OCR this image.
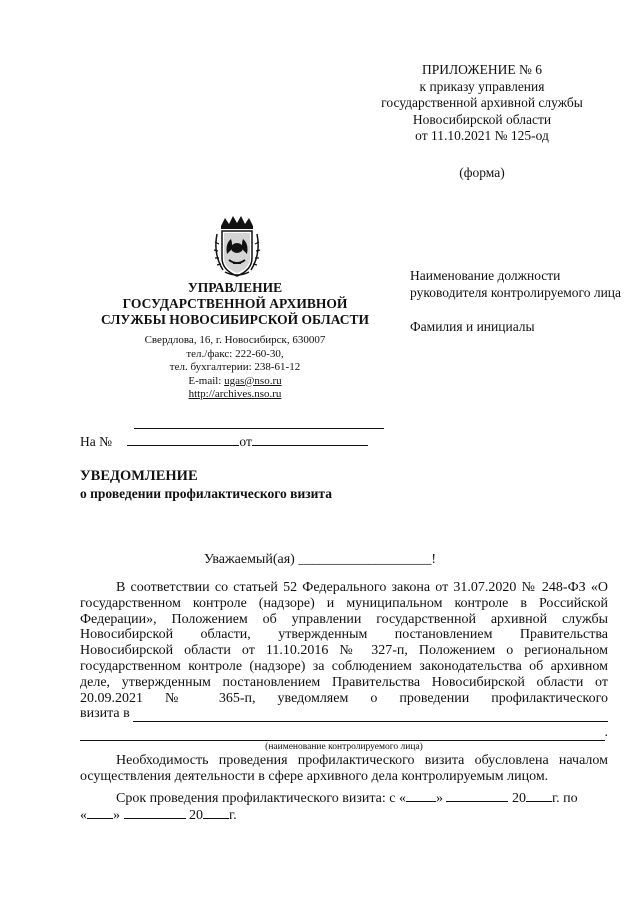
ПРИЛОЖЕНИЕ № 6
к приказу управления
государственной архивной службы
Новосибирской области
от 11.10.2021 № 125-од
(форма)
УПРАВЛЕНИЕ
ГОСУДАРСТВЕННОЙ АРХИВНОЙ
СЛУЖБЫ НОВОСИБИРСКОЙ ОБЛАСТИ
Свердлова, 16, г. Новосибирск, 630007
тел./факс: 222-60-30,
тел. бухгалтерии: 238-61-12
E-mail: ugas@nso.ru
http://archives.nso.ru
Наименование должности руководителя контролируемого лица
Фамилия и инициалы
На №	от
УВЕДОМЛЕНИЕ
о проведении профилактического визита
Уважаемый(ая) ___________________!

В соответствии со статьей 52 Федерального закона от 31.07.2020 № 248-ФЗ «О государственном контроле (надзоре) и муниципальном контроле в Российской Федерации», Положением об управлении государственной архивной службы Новосибирской области, утвержденным постановлением Правительства Новосибирской области от 11.10.2016 № 327-п, Положением о региональном государственном контроле (надзоре) за соблюдением законодательства об архивном деле, утвержденным постановлением Правительства Новосибирской области от 20.09.2021 № 365-п, уведомляем о проведении профилактического

визита в
.
(наименование контролируемого лица)

Необходимость проведения профилактического визита обусловлена началом осуществления деятельности в сфере архивного дела контролируемым лицом.

Срок проведения профилактического визита: с « »	20 г. по

« »	20 г.
